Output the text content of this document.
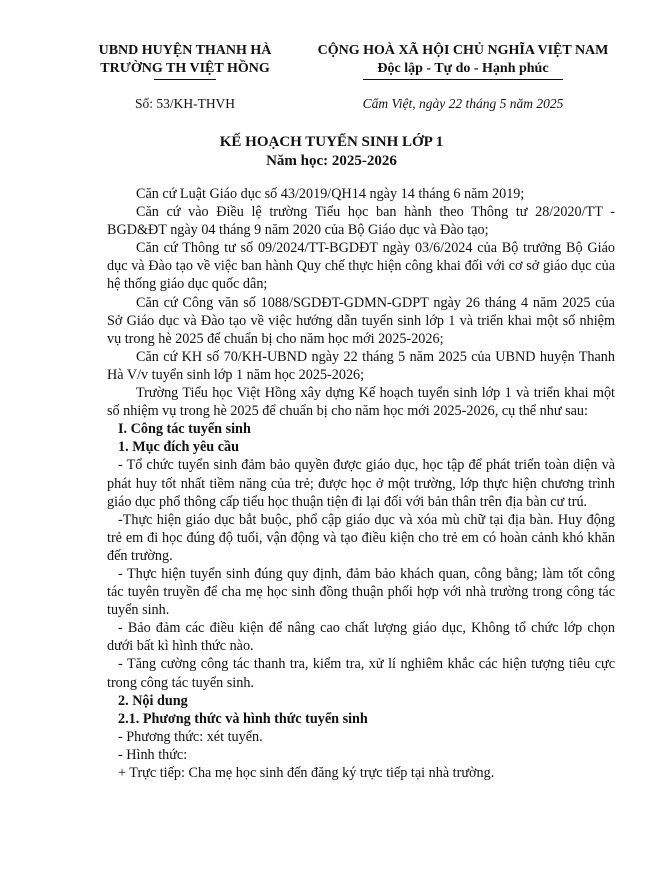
UBND HUYỆN THANH HÀ
TRƯỜNG TH VIỆT HỒNG
CỘNG HOÀ XÃ HỘI CHỦ NGHĨA VIỆT NAM
Độc lập - Tự do - Hạnh phúc
Số: 53/KH-THVH	Cẩm Việt, ngày 22 tháng 5 năm 2025
KẾ HOẠCH TUYỂN SINH LỚP 1
Năm học: 2025-2026

Căn cứ Luật Giáo dục số 43/2019/QH14 ngày 14 tháng 6 năm 2019;

Căn cứ vào Điều lệ trường Tiểu học ban hành theo Thông tư 28/2020/TT - BGD&ĐT ngày 04 tháng 9 năm 2020 của Bộ Giáo dục và Đào tạo;

Căn cứ Thông tư số 09/2024/TT-BGDĐT ngày 03/6/2024 của Bộ trưởng Bộ Giáo dục và Đào tạo về việc ban hành Quy chế thực hiện công khai đối với cơ sở giáo dục của hệ thống giáo dục quốc dân;

Căn cứ Công văn số 1088/SGDĐT-GDMN-GDPT ngày 26 tháng 4 năm 2025 của Sở Giáo dục và Đào tạo về việc hướng dẫn tuyển sinh lớp 1 và triển khai một số nhiệm vụ trong hè 2025 để chuẩn bị cho năm học mới 2025-2026;

Căn cứ KH số 70/KH-UBND ngày 22 tháng 5 năm 2025 của UBND huyện Thanh Hà V/v tuyển sinh lớp 1 năm học 2025-2026;

Trường Tiểu học Việt Hồng xây dựng Kế hoạch tuyển sinh lớp 1 và triển khai một số nhiệm vụ trong hè 2025 để chuẩn bị cho năm học mới 2025-2026, cụ thể như sau:

I. Công tác tuyển sinh

1. Mục đích yêu cầu

- Tổ chức tuyển sinh đảm bảo quyền được giáo dục, học tập để phát triển toàn diện và phát huy tốt nhất tiềm năng của trẻ; được học ở một trường, lớp thực hiện chương trình giáo dục phổ thông cấp tiểu học thuận tiện đi lại đối với bản thân trên địa bàn cư trú.

-Thực hiện giáo dục bắt buộc, phổ cập giáo dục và xóa mù chữ tại địa bàn. Huy động trẻ em đi học đúng độ tuổi, vận động và tạo điều kiện cho trẻ em có hoàn cảnh khó khăn đến trường.

- Thực hiện tuyển sinh đúng quy định, đảm bảo khách quan, công bằng; làm tốt công tác tuyên truyền để cha mẹ học sinh đồng thuận phối hợp với nhà trường trong công tác tuyển sinh.

- Bảo đảm các điều kiện để nâng cao chất lượng giáo dục, Không tổ chức lớp chọn dưới bất kì hình thức nào.

- Tăng cường công tác thanh tra, kiểm tra, xử lí nghiêm khắc các hiện tượng tiêu cực trong công tác tuyển sinh.

2. Nội dung

2.1. Phương thức và hình thức tuyển sinh

- Phương thức: xét tuyển.

- Hình thức:

+ Trực tiếp: Cha mẹ học sinh đến đăng ký trực tiếp tại nhà trường.
